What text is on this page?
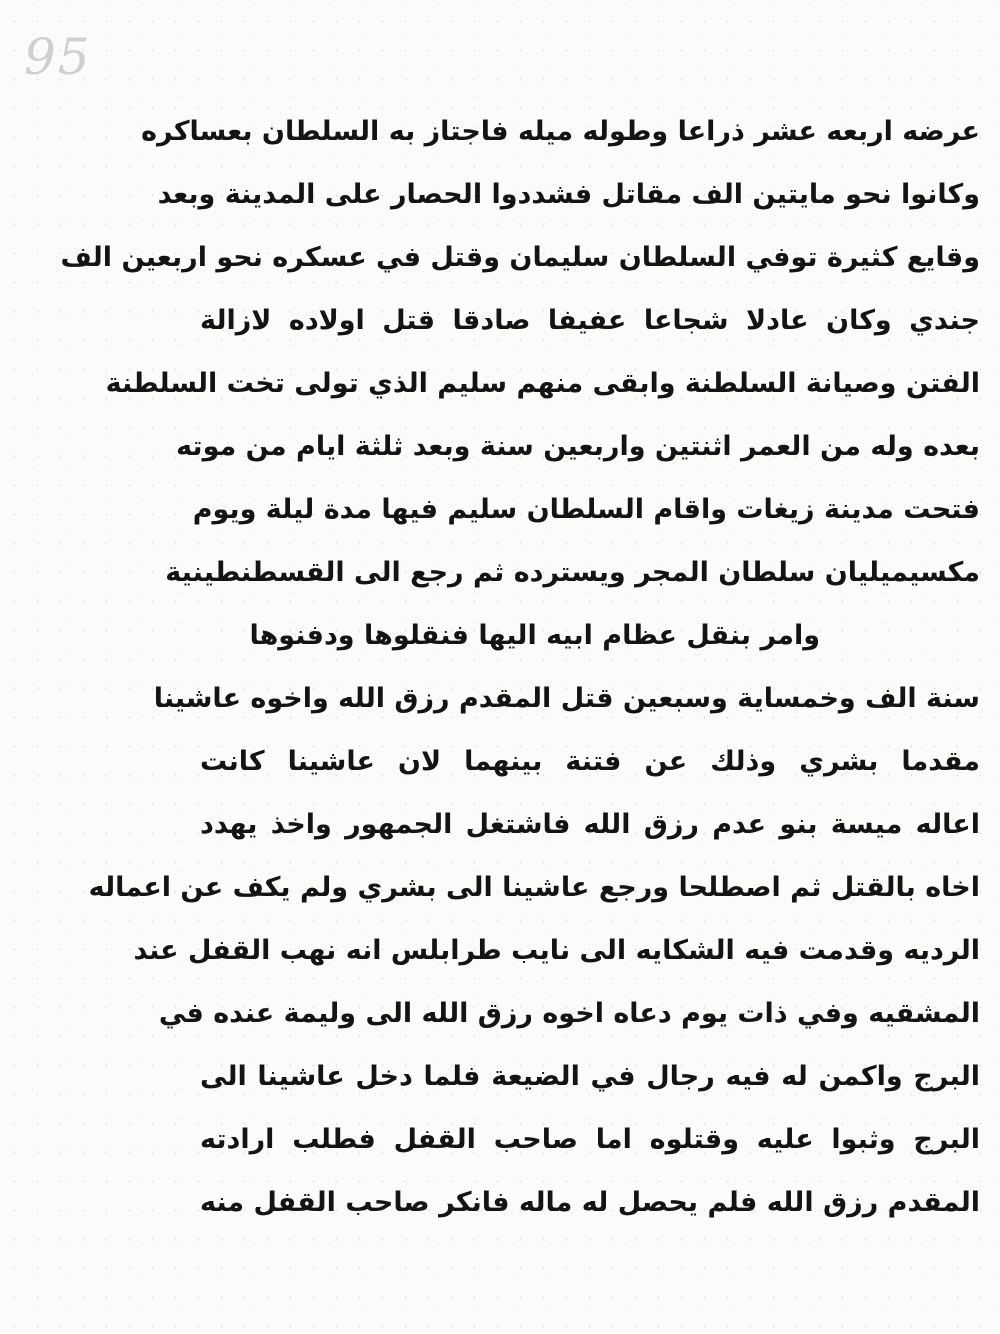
95
عرضه اربعه عشر ذراعا وطوله ميله فاجتاز به السلطان بعساكره
وكانوا نحو مايتين الف مقاتل فشددوا الحصار على المدينة وبعد
وقايع كثيرة توفي السلطان سليمان وقتل في عسكره نحو اربعين الف
جندي وكان عادلا شجاعا عفيفا صادقا قتل اولاده لازالة
الفتن وصيانة السلطنة وابقى منهم سليم الذي تولى تخت السلطنة
بعده وله من العمر اثنتين واربعين سنة وبعد ثلثة ايام من موته
فتحت مدينة زيغات واقام السلطان سليم فيها مدة ليلة ويوم
مكسيميليان سلطان المجر ويسترده ثم رجع الى القسطنطينية
وامر بنقل عظام ابيه اليها فنقلوها ودفنوها
سنة الف وخمساية وسبعين قتل المقدم رزق الله واخوه عاشينا
مقدما بشري وذلك عن فتنة بينهما لان عاشينا كانت
اعاله ميسة بنو عدم رزق الله فاشتغل الجمهور واخذ يهدد
اخاه بالقتل ثم اصطلحا ورجع عاشينا الى بشري ولم يكف عن اعماله
الرديه وقدمت فيه الشكايه الى نايب طرابلس انه نهب القفل عند
المشقيه وفي ذات يوم دعاه اخوه رزق الله الى وليمة عنده في
البرج واكمن له فيه رجال في الضيعة فلما دخل عاشينا الى
البرج وثبوا عليه وقتلوه اما صاحب القفل فطلب ارادته
المقدم رزق الله فلم يحصل له ماله فانكر صاحب القفل منه
